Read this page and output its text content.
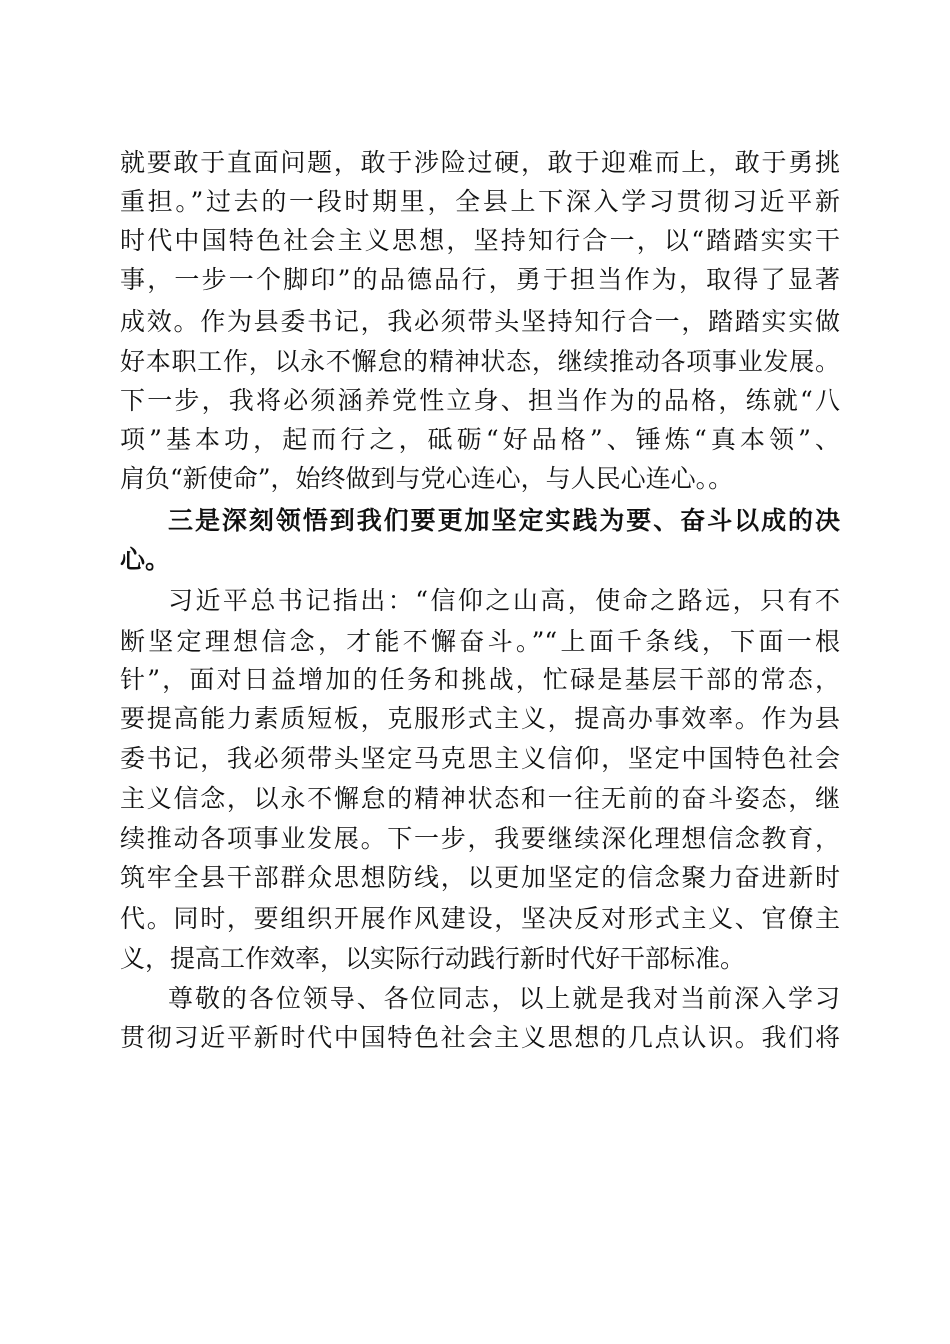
就要敢于直面问题，敢于涉险过硬，敢于迎难而上，敢于勇挑
重担。”过去的一段时期里，全县上下深入学习贯彻习近平新
时代中国特色社会主义思想，坚持知行合一，以“踏踏实实干
事，一步一个脚印”的品德品行，勇于担当作为，取得了显著
成效。作为县委书记，我必须带头坚持知行合一，踏踏实实做
好本职工作，以永不懈怠的精神状态，继续推动各项事业发展。
下一步，我将必须涵养党性立身、担当作为的品格，练就“八
项”基本功，起而行之，砥砺“好品格”、锤炼“真本领”、
肩负“新使命”，始终做到与党心连心，与人民心连心。。
三是深刻领悟到我们要更加坚定实践为要、奋斗以成的决
心。
习近平总书记指出：“信仰之山高，使命之路远，只有不
断坚定理想信念，才能不懈奋斗。”“上面千条线，下面一根
针”，面对日益增加的任务和挑战，忙碌是基层干部的常态，
要提高能力素质短板，克服形式主义，提高办事效率。作为县
委书记，我必须带头坚定马克思主义信仰，坚定中国特色社会
主义信念，以永不懈怠的精神状态和一往无前的奋斗姿态，继
续推动各项事业发展。下一步，我要继续深化理想信念教育，
筑牢全县干部群众思想防线，以更加坚定的信念聚力奋进新时
代。同时，要组织开展作风建设，坚决反对形式主义、官僚主
义，提高工作效率，以实际行动践行新时代好干部标准。
尊敬的各位领导、各位同志，以上就是我对当前深入学习
贯彻习近平新时代中国特色社会主义思想的几点认识。我们将
